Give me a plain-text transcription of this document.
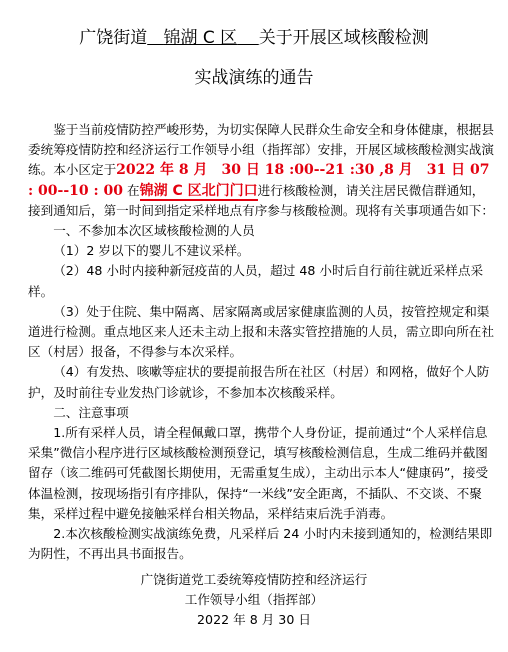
广饶街道 锦湖 C 区 关于开展区域核酸检测
实战演练的通告

鉴于当前疫情防控严峻形势，为切实保障人民群众生命安全和身体健康，根据县委统筹疫情防控和经济运行工作领导小组（指挥部）安排，开展区域核酸检测实战演练。本小区定于2022 年 8 月　30 日 18 :00--21 :30 ,8 月　31 日 07 : 00--10 : 00 在锦湖 C 区北门门口进行核酸检测，请关注居民微信群通知，接到通知后，第一时间到指定采样地点有序参与核酸检测。现将有关事项通告如下：

一、不参加本次区域核酸检测的人员

（1）2 岁以下的婴儿不建议采样。

（2）48 小时内接种新冠疫苗的人员，超过 48 小时后自行前往就近采样点采样。

（3）处于住院、集中隔离、居家隔离或居家健康监测的人员，按管控规定和渠道进行检测。重点地区来人还未主动上报和未落实管控措施的人员，需立即向所在社区（村居）报备，不得参与本次采样。

（4）有发热、咳嗽等症状的要提前报告所在社区（村居）和网格，做好个人防护，及时前往专业发热门诊就诊，不参加本次核酸采样。

二、注意事项

1.所有采样人员，请全程佩戴口罩，携带个人身份证，提前通过“个人采样信息采集”微信小程序进行区域核酸检测预登记，填写核酸检测信息，生成二维码并截图留存（该二维码可凭截图长期使用，无需重复生成），主动出示本人“健康码”，接受体温检测，按现场指引有序排队，保持“一米线”安全距离，不插队、不交谈、不聚集，采样过程中避免接触采样台相关物品，采样结束后洗手消毒。

2.本次核酸检测实战演练免费，凡采样后 24 小时内未接到通知的，检测结果即为阴性，不再出具书面报告。

广饶街道党工委统筹疫情防控和经济运行
工作领导小组（指挥部）
2022 年 8 月 30 日
